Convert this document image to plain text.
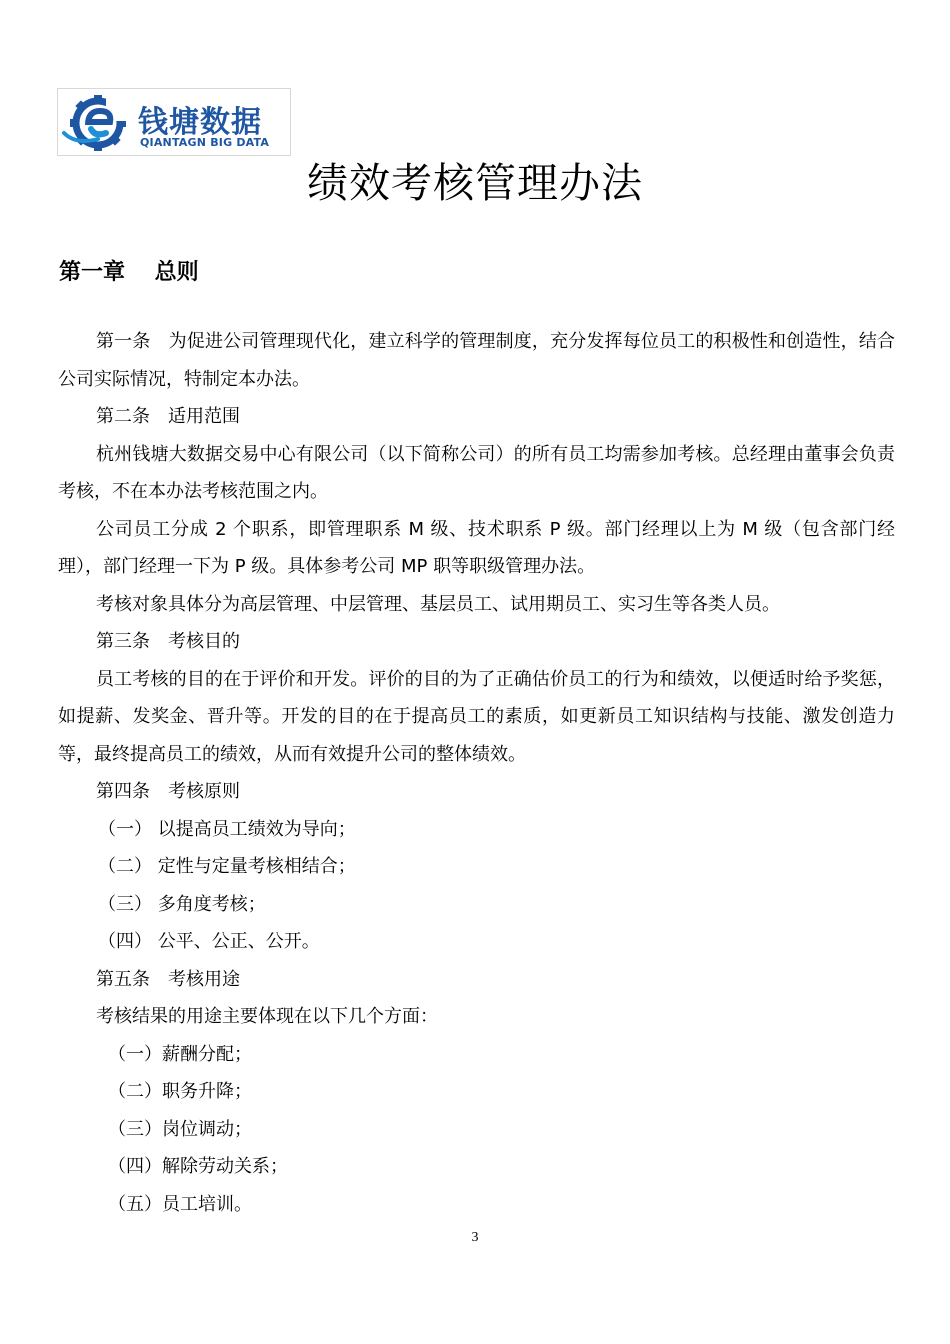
钱塘数据
QIANTAGN BIG DATA
绩效考核管理办法
第一章　 总则

第一条　为促进公司管理现代化，建立科学的管理制度，充分发挥每位员工的积极性和创造性，结合公司实际情况，特制定本办法。

第二条　适用范围

杭州钱塘大数据交易中心有限公司（以下简称公司）的所有员工均需参加考核。总经理由董事会负责考核，不在本办法考核范围之内。

公司员工分成 2 个职系，即管理职系 M 级、技术职系 P 级。部门经理以上为 M 级（包含部门经理），部门经理一下为 P 级。具体参考公司 MP 职等职级管理办法。

考核对象具体分为高层管理、中层管理、基层员工、试用期员工、实习生等各类人员。

第三条　考核目的

员工考核的目的在于评价和开发。评价的目的为了正确估价员工的行为和绩效，以便适时给予奖惩，如提薪、发奖金、晋升等。开发的目的在于提高员工的素质，如更新员工知识结构与技能、激发创造力等，最终提高员工的绩效，从而有效提升公司的整体绩效。

第四条　考核原则

（一） 以提高员工绩效为导向；

（二） 定性与定量考核相结合；

（三） 多角度考核；

（四） 公平、公正、公开。

第五条　考核用途

考核结果的用途主要体现在以下几个方面：

（一）薪酬分配；

（二）职务升降；

（三）岗位调动；

（四）解除劳动关系；

（五）员工培训。

3
